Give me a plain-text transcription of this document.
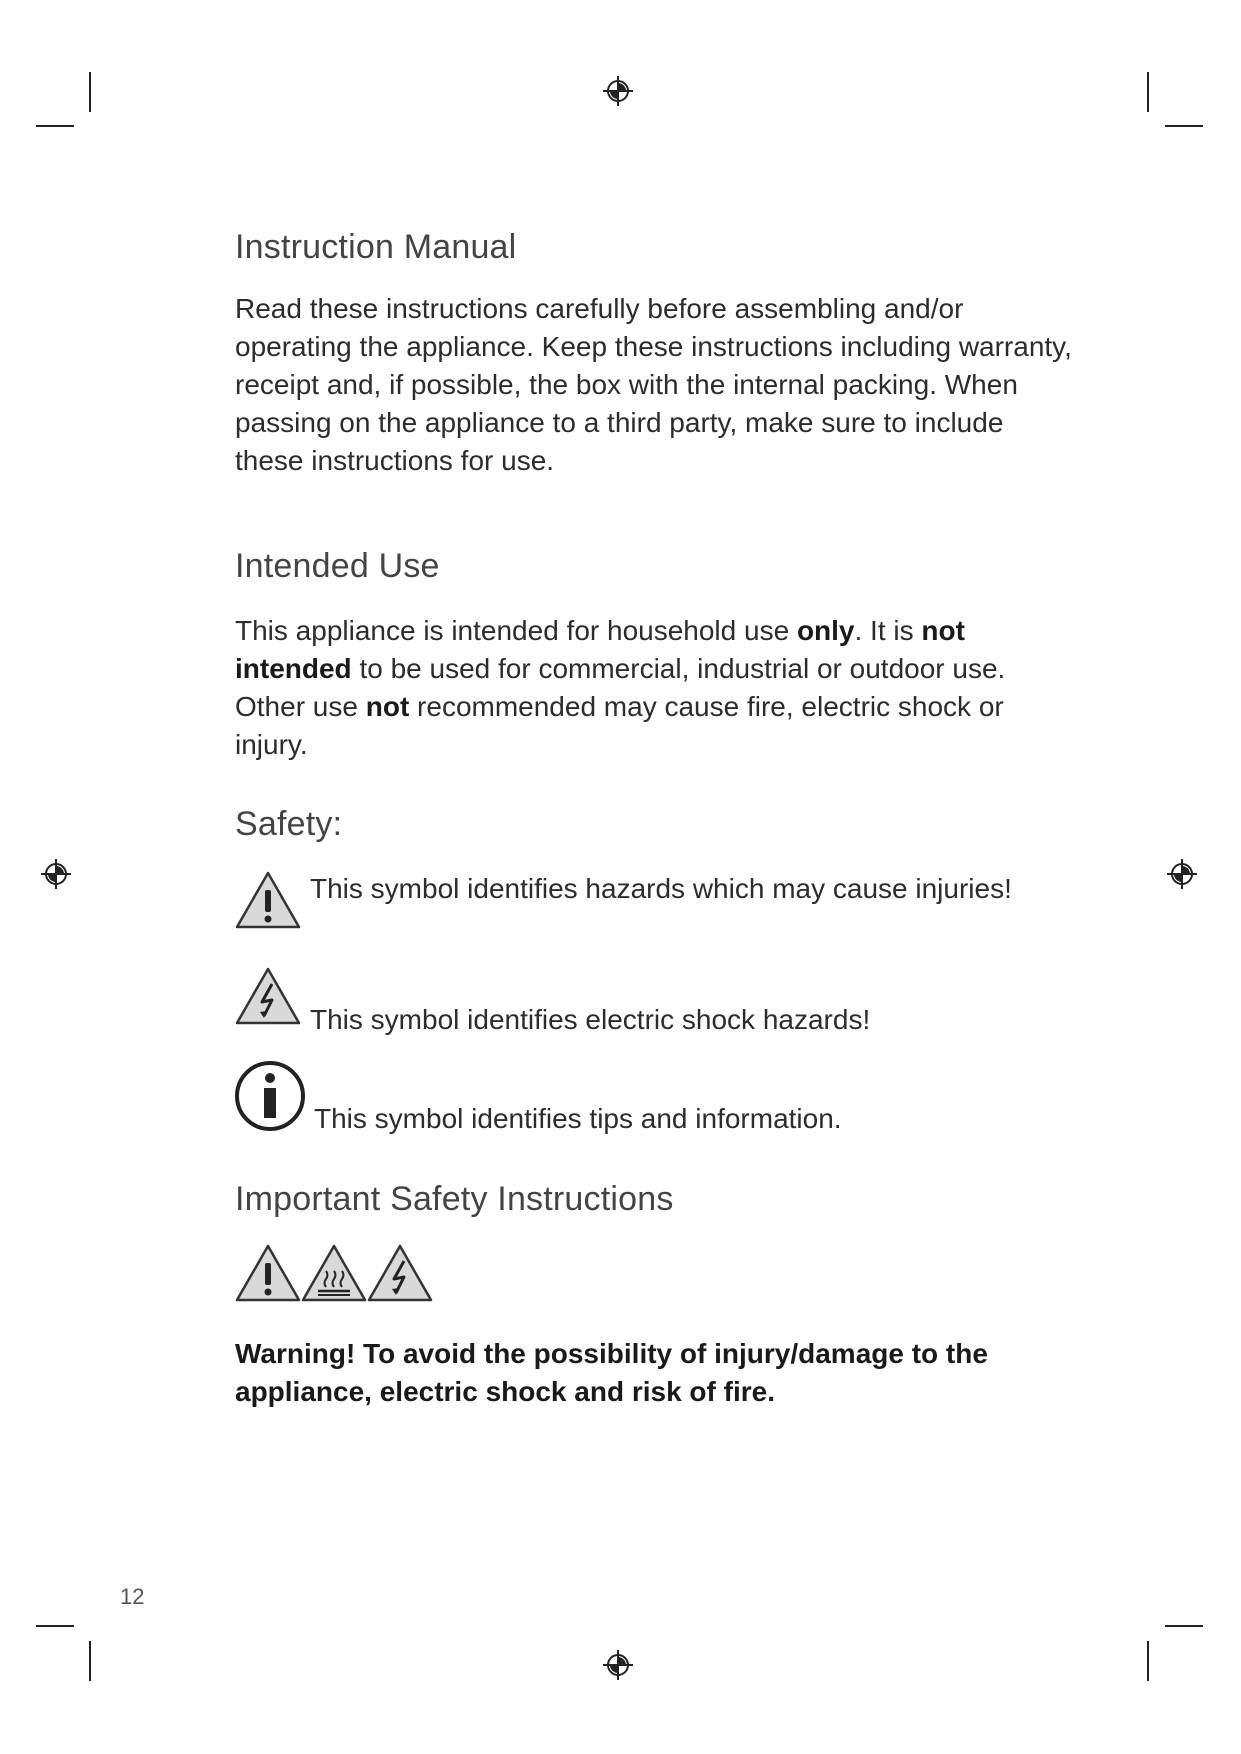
Instruction Manual

Read these instructions carefully before assembling and/or operating the appliance. Keep these instructions including warranty, receipt and, if possible, the box with the internal packing. When passing on the appliance to a third party, make sure to include these instructions for use.

Intended Use

This appliance is intended for household use only. It is not intended to be used for commercial, industrial or outdoor use. Other use not recommended may cause fire, electric shock or injury.

Safety:

This symbol identifies hazards which may cause injuries!

This symbol identifies electric shock hazards!

This symbol identifies tips and information.

Important Safety Instructions

Warning! To avoid the possibility of injury/damage to the appliance, electric shock and risk of fire.

12
